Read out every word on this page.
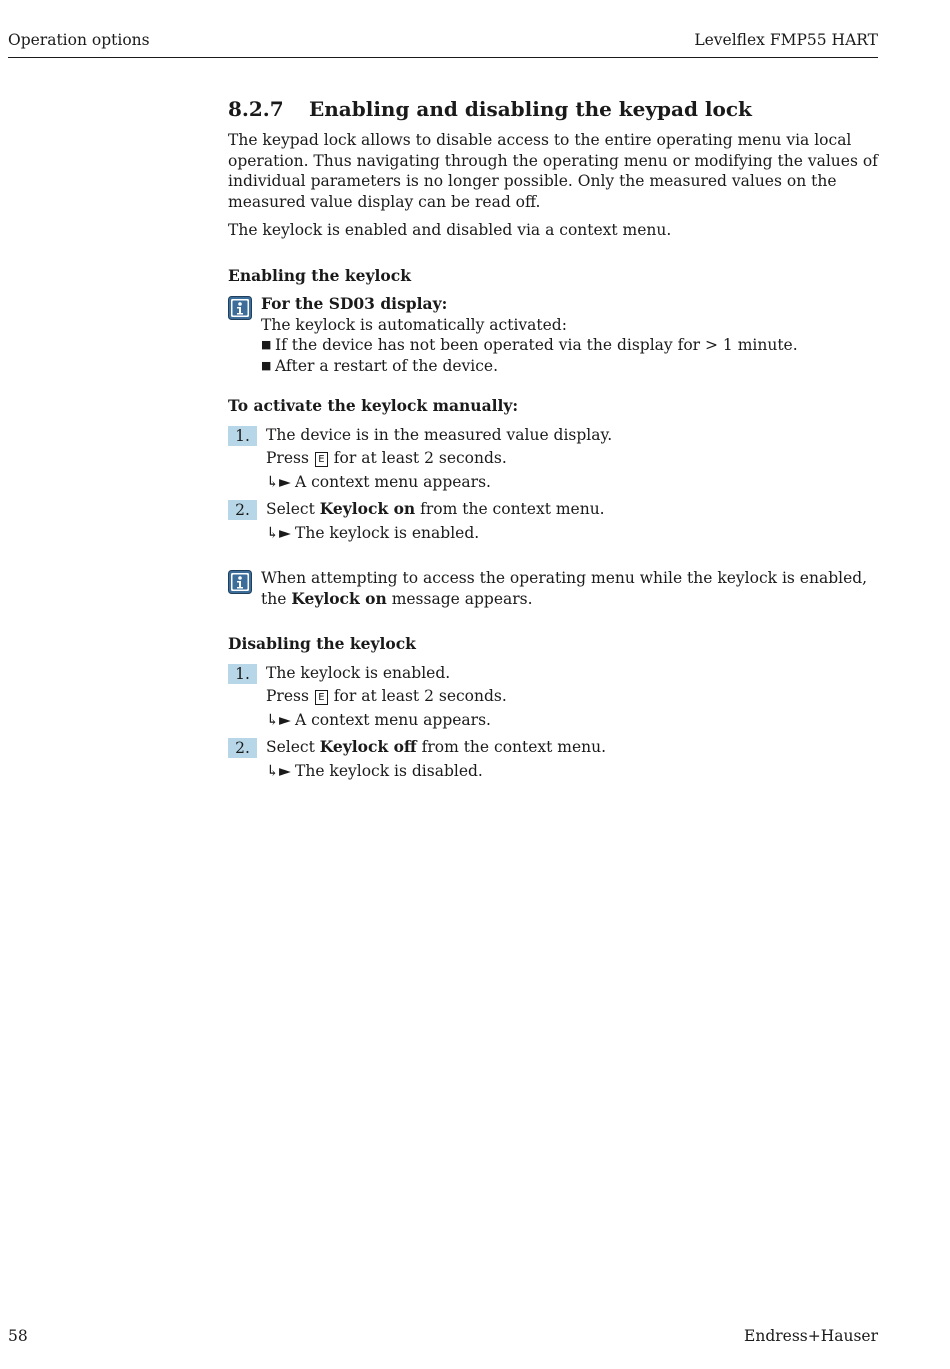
Operation options	Levelflex FMP55 HART
8.2.7	Enabling and disabling the keypad lock

The keypad lock allows to disable access to the entire operating menu via local operation. Thus navigating through the operating menu or modifying the values of individual parameters is no longer possible. Only the measured values on the measured value display can be read off.

The keylock is enabled and disabled via a context menu.

Enabling the keylock
For the SD03 display:
The keylock is automatically activated:
■ If the device has not been operated via the display for > 1 minute.
■ After a restart of the device.
To activate the keylock manually:
1.	The device is in the measured value display.
Press E for at least 2 seconds.
↳► A context menu appears.
2.	Select Keylock on from the context menu.
↳► The keylock is enabled.
When attempting to access the operating menu while the keylock is enabled, the Keylock on message appears.
Disabling the keylock
1.	The keylock is enabled.
Press E for at least 2 seconds.
↳► A context menu appears.
2.	Select Keylock off from the context menu.
↳► The keylock is disabled.
58	Endress+Hauser
